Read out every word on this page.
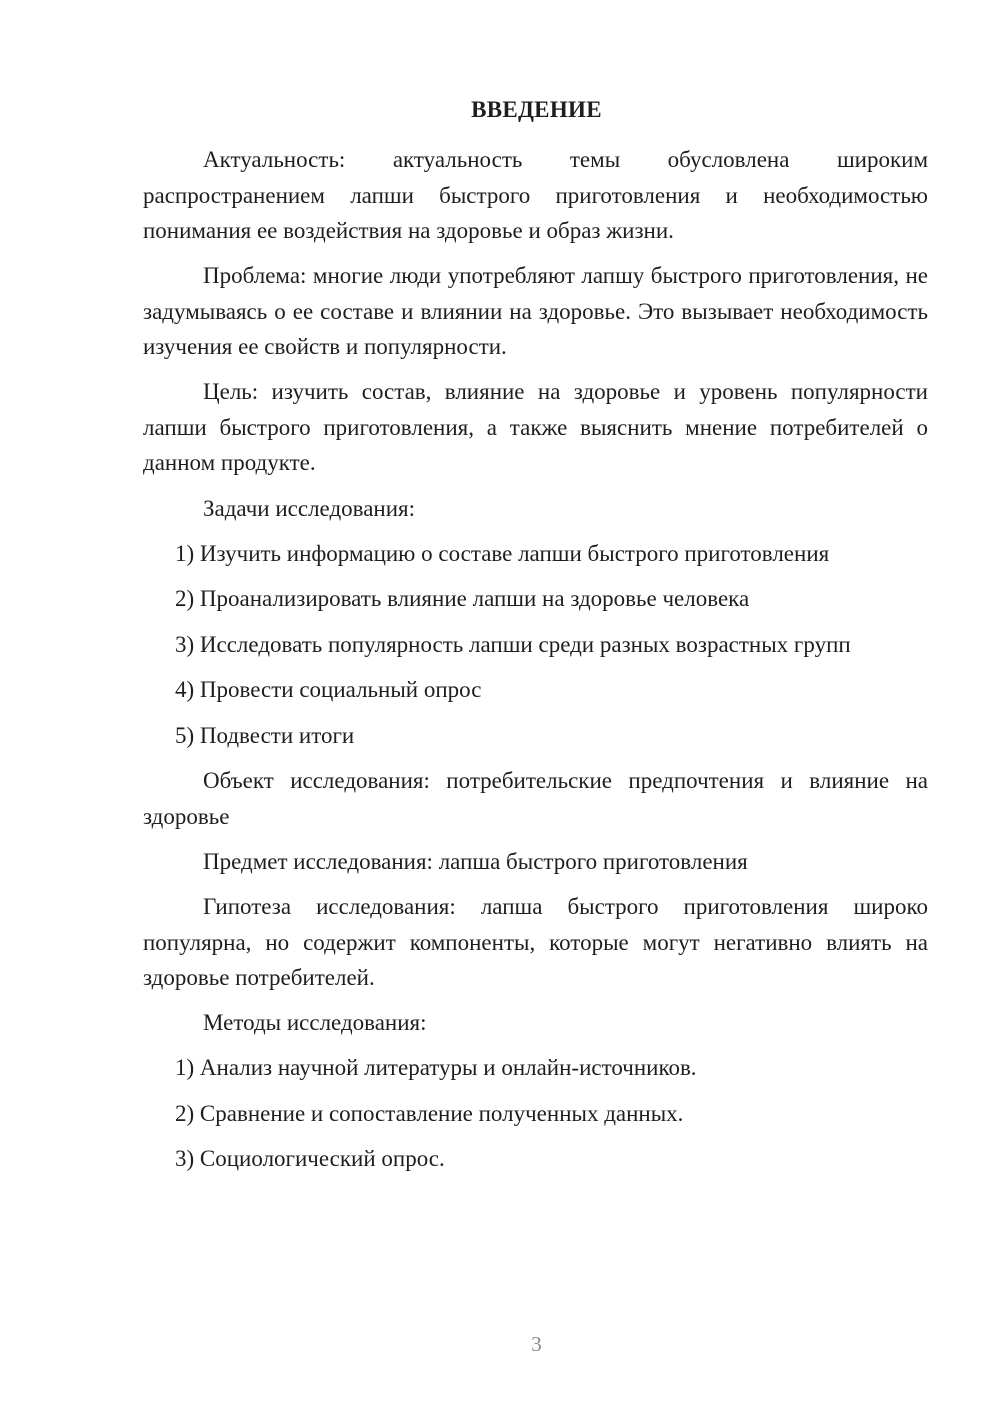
ВВЕДЕНИЕ
Актуальность: актуальность темы обусловлена широким распространением лапши быстрого приготовления и необходимостью понимания ее воздействия на здоровье и образ жизни.
Проблема: многие люди употребляют лапшу быстрого приготовления, не задумываясь о ее составе и влиянии на здоровье. Это вызывает необходимость изучения ее свойств и популярности.
Цель: изучить состав, влияние на здоровье и уровень популярности лапши быстрого приготовления, а также выяснить мнение потребителей о данном продукте.
Задачи исследования:
1) Изучить информацию о составе лапши быстрого приготовления
2) Проанализировать влияние лапши на здоровье человека
3) Исследовать популярность лапши среди разных возрастных групп
4) Провести социальный опрос
5) Подвести итоги
Объект исследования: потребительские предпочтения и влияние на здоровье
Предмет исследования: лапша быстрого приготовления
Гипотеза исследования: лапша быстрого приготовления широко популярна, но содержит компоненты, которые могут негативно влиять на здоровье потребителей.
Методы исследования:
1) Анализ научной литературы и онлайн-источников.
2) Сравнение и сопоставление полученных данных.
3) Социологический опрос.
3
